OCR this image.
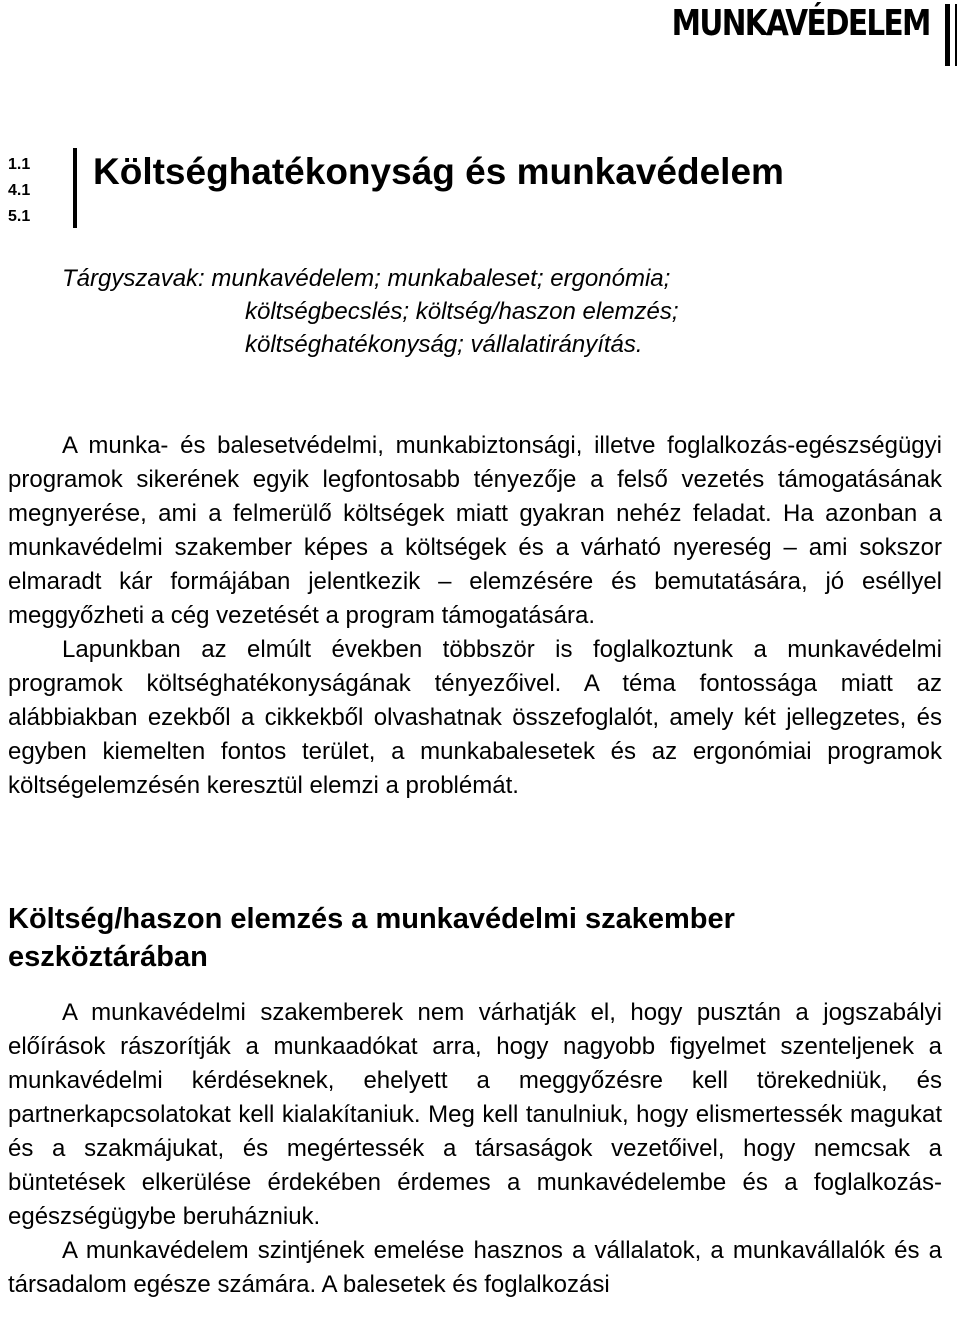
MUNKAVÉDELEM
1.1
4.1
5.1
Költséghatékonyság és munkavédelem
Tárgyszavak: munkavédelem; munkabaleset; ergonómia;
költségbecslés; költség/haszon elemzés;
költséghatékonyság; vállalatirányítás.

A munka- és balesetvédelmi, munkabiztonsági, illetve foglalkozás-egészségügyi programok sikerének egyik legfontosabb tényezője a felső vezetés támogatásának megnyerése, ami a felmerülő költségek miatt gyakran nehéz feladat. Ha azonban a munkavédelmi szakember képes a költségek és a várható nyereség – ami sokszor elmaradt kár formájában jelentkezik – elemzésére és bemutatására, jó eséllyel meggyőzheti a cég vezetését a program támogatására.

Lapunkban az elmúlt években többször is foglalkoztunk a munkavédelmi programok költséghatékonyságának tényezőivel. A téma fontossága miatt az alábbiakban ezekből a cikkekből olvashatnak összefoglalót, amely két jellegzetes, és egyben kiemelten fontos terület, a munkabalesetek és az ergonómiai programok költségelemzésén keresztül elemzi a problémát.

Költség/haszon elemzés a munkavédelmi szakember eszköztárában

A munkavédelmi szakemberek nem várhatják el, hogy pusztán a jogszabályi előírások rászorítják a munkaadókat arra, hogy nagyobb figyelmet szenteljenek a munkavédelmi kérdéseknek, ehelyett a meggyőzésre kell törekedniük, és partnerkapcsolatokat kell kialakítaniuk. Meg kell tanulniuk, hogy elismertessék magukat és a szakmájukat, és megértessék a társaságok vezetőivel, hogy nemcsak a büntetések elkerülése érdekében érdemes a munkavédelembe és a foglalkozás-egészségügybe beruházniuk.

A munkavédelem szintjének emelése hasznos a vállalatok, a munkavállalók és a társadalom egésze számára. A balesetek és foglalkozási
